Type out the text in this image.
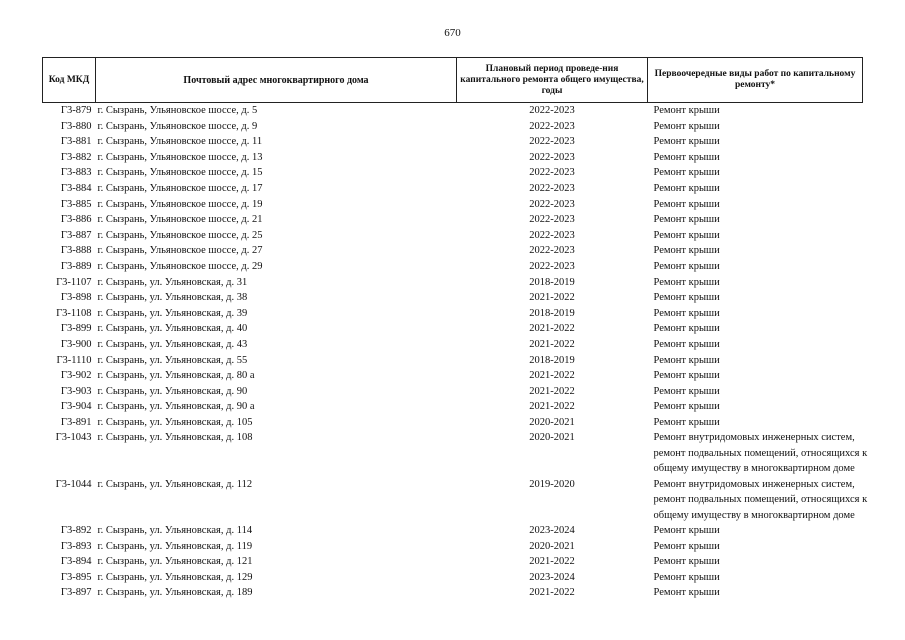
670
Код МКД	Почтовый адрес многоквартирного дома	Плановый период проведе-ния капитального ремонта общего имущества, годы	Первоочередные виды работ по капитальному ремонту*
Г3-879	г. Сызрань, Ульяновское шоссе, д. 5	2022-2023	Ремонт крыши

Г3-880	г. Сызрань, Ульяновское шоссе, д. 9	2022-2023	Ремонт крыши

Г3-881	г. Сызрань, Ульяновское шоссе, д. 11	2022-2023	Ремонт крыши

Г3-882	г. Сызрань, Ульяновское шоссе, д. 13	2022-2023	Ремонт крыши

Г3-883	г. Сызрань, Ульяновское шоссе, д. 15	2022-2023	Ремонт крыши

Г3-884	г. Сызрань, Ульяновское шоссе, д. 17	2022-2023	Ремонт крыши

Г3-885	г. Сызрань, Ульяновское шоссе, д. 19	2022-2023	Ремонт крыши

Г3-886	г. Сызрань, Ульяновское шоссе, д. 21	2022-2023	Ремонт крыши

Г3-887	г. Сызрань, Ульяновское шоссе, д. 25	2022-2023	Ремонт крыши

Г3-888	г. Сызрань, Ульяновское шоссе, д. 27	2022-2023	Ремонт крыши

Г3-889	г. Сызрань, Ульяновское шоссе, д. 29	2022-2023	Ремонт крыши

Г3-1107	г. Сызрань, ул. Ульяновская, д. 31	2018-2019	Ремонт крыши

Г3-898	г. Сызрань, ул. Ульяновская, д. 38	2021-2022	Ремонт крыши

Г3-1108	г. Сызрань, ул. Ульяновская, д. 39	2018-2019	Ремонт крыши

Г3-899	г. Сызрань, ул. Ульяновская, д. 40	2021-2022	Ремонт крыши

Г3-900	г. Сызрань, ул. Ульяновская, д. 43	2021-2022	Ремонт крыши

Г3-1110	г. Сызрань, ул. Ульяновская, д. 55	2018-2019	Ремонт крыши

Г3-902	г. Сызрань, ул. Ульяновская, д. 80 а	2021-2022	Ремонт крыши

Г3-903	г. Сызрань, ул. Ульяновская, д. 90	2021-2022	Ремонт крыши

Г3-904	г. Сызрань, ул. Ульяновская, д. 90 а	2021-2022	Ремонт крыши

Г3-891	г. Сызрань, ул. Ульяновская, д. 105	2020-2021	Ремонт крыши

Г3-1043	г. Сызрань, ул. Ульяновская, д. 108	2020-2021	Ремонт внутридомовых инженерных систем,
ремонт подвальных помещений, относящихся к
общему имуществу в многоквартирном доме

Г3-1044	г. Сызрань, ул. Ульяновская, д. 112	2019-2020	Ремонт внутридомовых инженерных систем,
ремонт подвальных помещений, относящихся к
общему имуществу в многоквартирном доме

Г3-892	г. Сызрань, ул. Ульяновская, д. 114	2023-2024	Ремонт крыши

Г3-893	г. Сызрань, ул. Ульяновская, д. 119	2020-2021	Ремонт крыши

Г3-894	г. Сызрань, ул. Ульяновская, д. 121	2021-2022	Ремонт крыши

Г3-895	г. Сызрань, ул. Ульяновская, д. 129	2023-2024	Ремонт крыши

Г3-897	г. Сызрань, ул. Ульяновская, д. 189	2021-2022	Ремонт крыши
